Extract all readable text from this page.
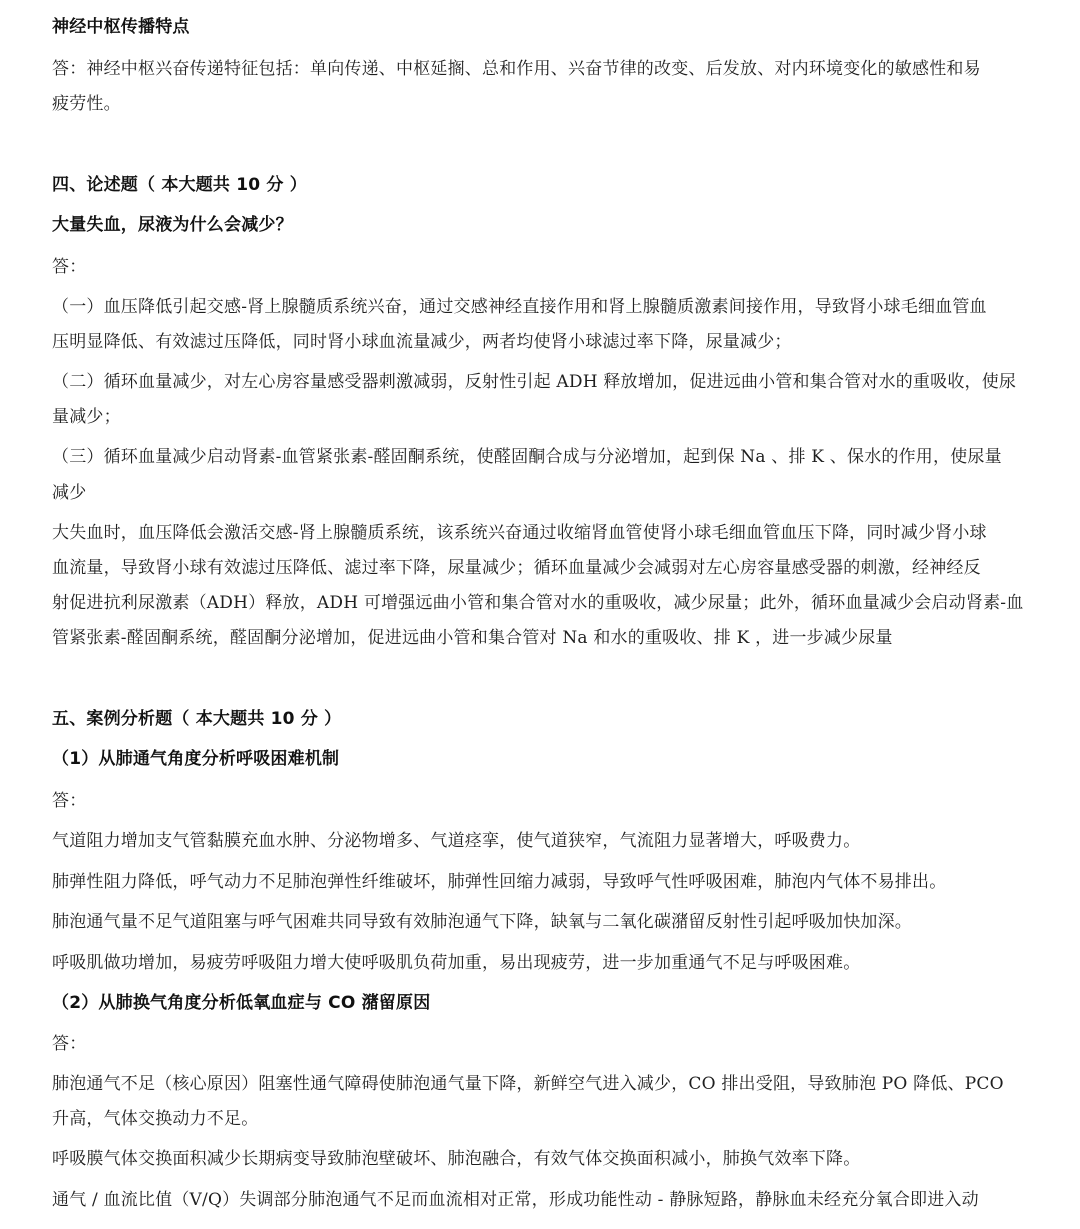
神经中枢传播特点
答：神经中枢兴奋传递特征包括：单向传递、中枢延搁、总和作用、兴奋节律的改变、后发放、对内环境变化的敏感性和易
疲劳性。
四、论述题（ 本大题共 10 分 ）
大量失血，尿液为什么会减少？
答：
（一）血压降低引起交感-肾上腺髓质系统兴奋，通过交感神经直接作用和肾上腺髓质激素间接作用，导致肾小球毛细血管血
压明显降低、有效滤过压降低，同时肾小球血流量减少，两者均使肾小球滤过率下降，尿量减少；
（二）循环血量减少，对左心房容量感受器刺激减弱，反射性引起 ADH 释放增加，促进远曲小管和集合管对水的重吸收，使尿
量减少；
（三）循环血量减少启动肾素-血管紧张素-醛固酮系统，使醛固酮合成与分泌增加，起到保 Na 、排 K 、保水的作用，使尿量
减少
大失血时，血压降低会激活交感-肾上腺髓质系统，该系统兴奋通过收缩肾血管使肾小球毛细血管血压下降，同时减少肾小球
血流量，导致肾小球有效滤过压降低、滤过率下降，尿量减少；循环血量减少会减弱对左心房容量感受器的刺激，经神经反
射促进抗利尿激素（ADH）释放，ADH 可增强远曲小管和集合管对水的重吸收，减少尿量；此外，循环血量减少会启动肾素-血
管紧张素-醛固酮系统，醛固酮分泌增加，促进远曲小管和集合管对 Na 和水的重吸收、排 K ，进一步减少尿量
五、案例分析题（ 本大题共 10 分 ）
（1）从肺通气角度分析呼吸困难机制
答：
气道阻力增加支气管黏膜充血水肿、分泌物增多、气道痉挛，使气道狭窄，气流阻力显著增大，呼吸费力。
肺弹性阻力降低，呼气动力不足肺泡弹性纤维破坏，肺弹性回缩力减弱，导致呼气性呼吸困难，肺泡内气体不易排出。
肺泡通气量不足气道阻塞与呼气困难共同导致有效肺泡通气下降，缺氧与二氧化碳潴留反射性引起呼吸加快加深。
呼吸肌做功增加，易疲劳呼吸阻力增大使呼吸肌负荷加重，易出现疲劳，进一步加重通气不足与呼吸困难。
（2）从肺换气角度分析低氧血症与 CO 潴留原因
答：
肺泡通气不足（核心原因）阻塞性通气障碍使肺泡通气量下降，新鲜空气进入减少，CO 排出受阻，导致肺泡 PO 降低、PCO
升高，气体交换动力不足。
呼吸膜气体交换面积减少长期病变导致肺泡壁破坏、肺泡融合，有效气体交换面积减小，肺换气效率下降。
通气 / 血流比值（V/Q）失调部分肺泡通气不足而血流相对正常，形成功能性动 - 静脉短路，静脉血未经充分氧合即进入动
